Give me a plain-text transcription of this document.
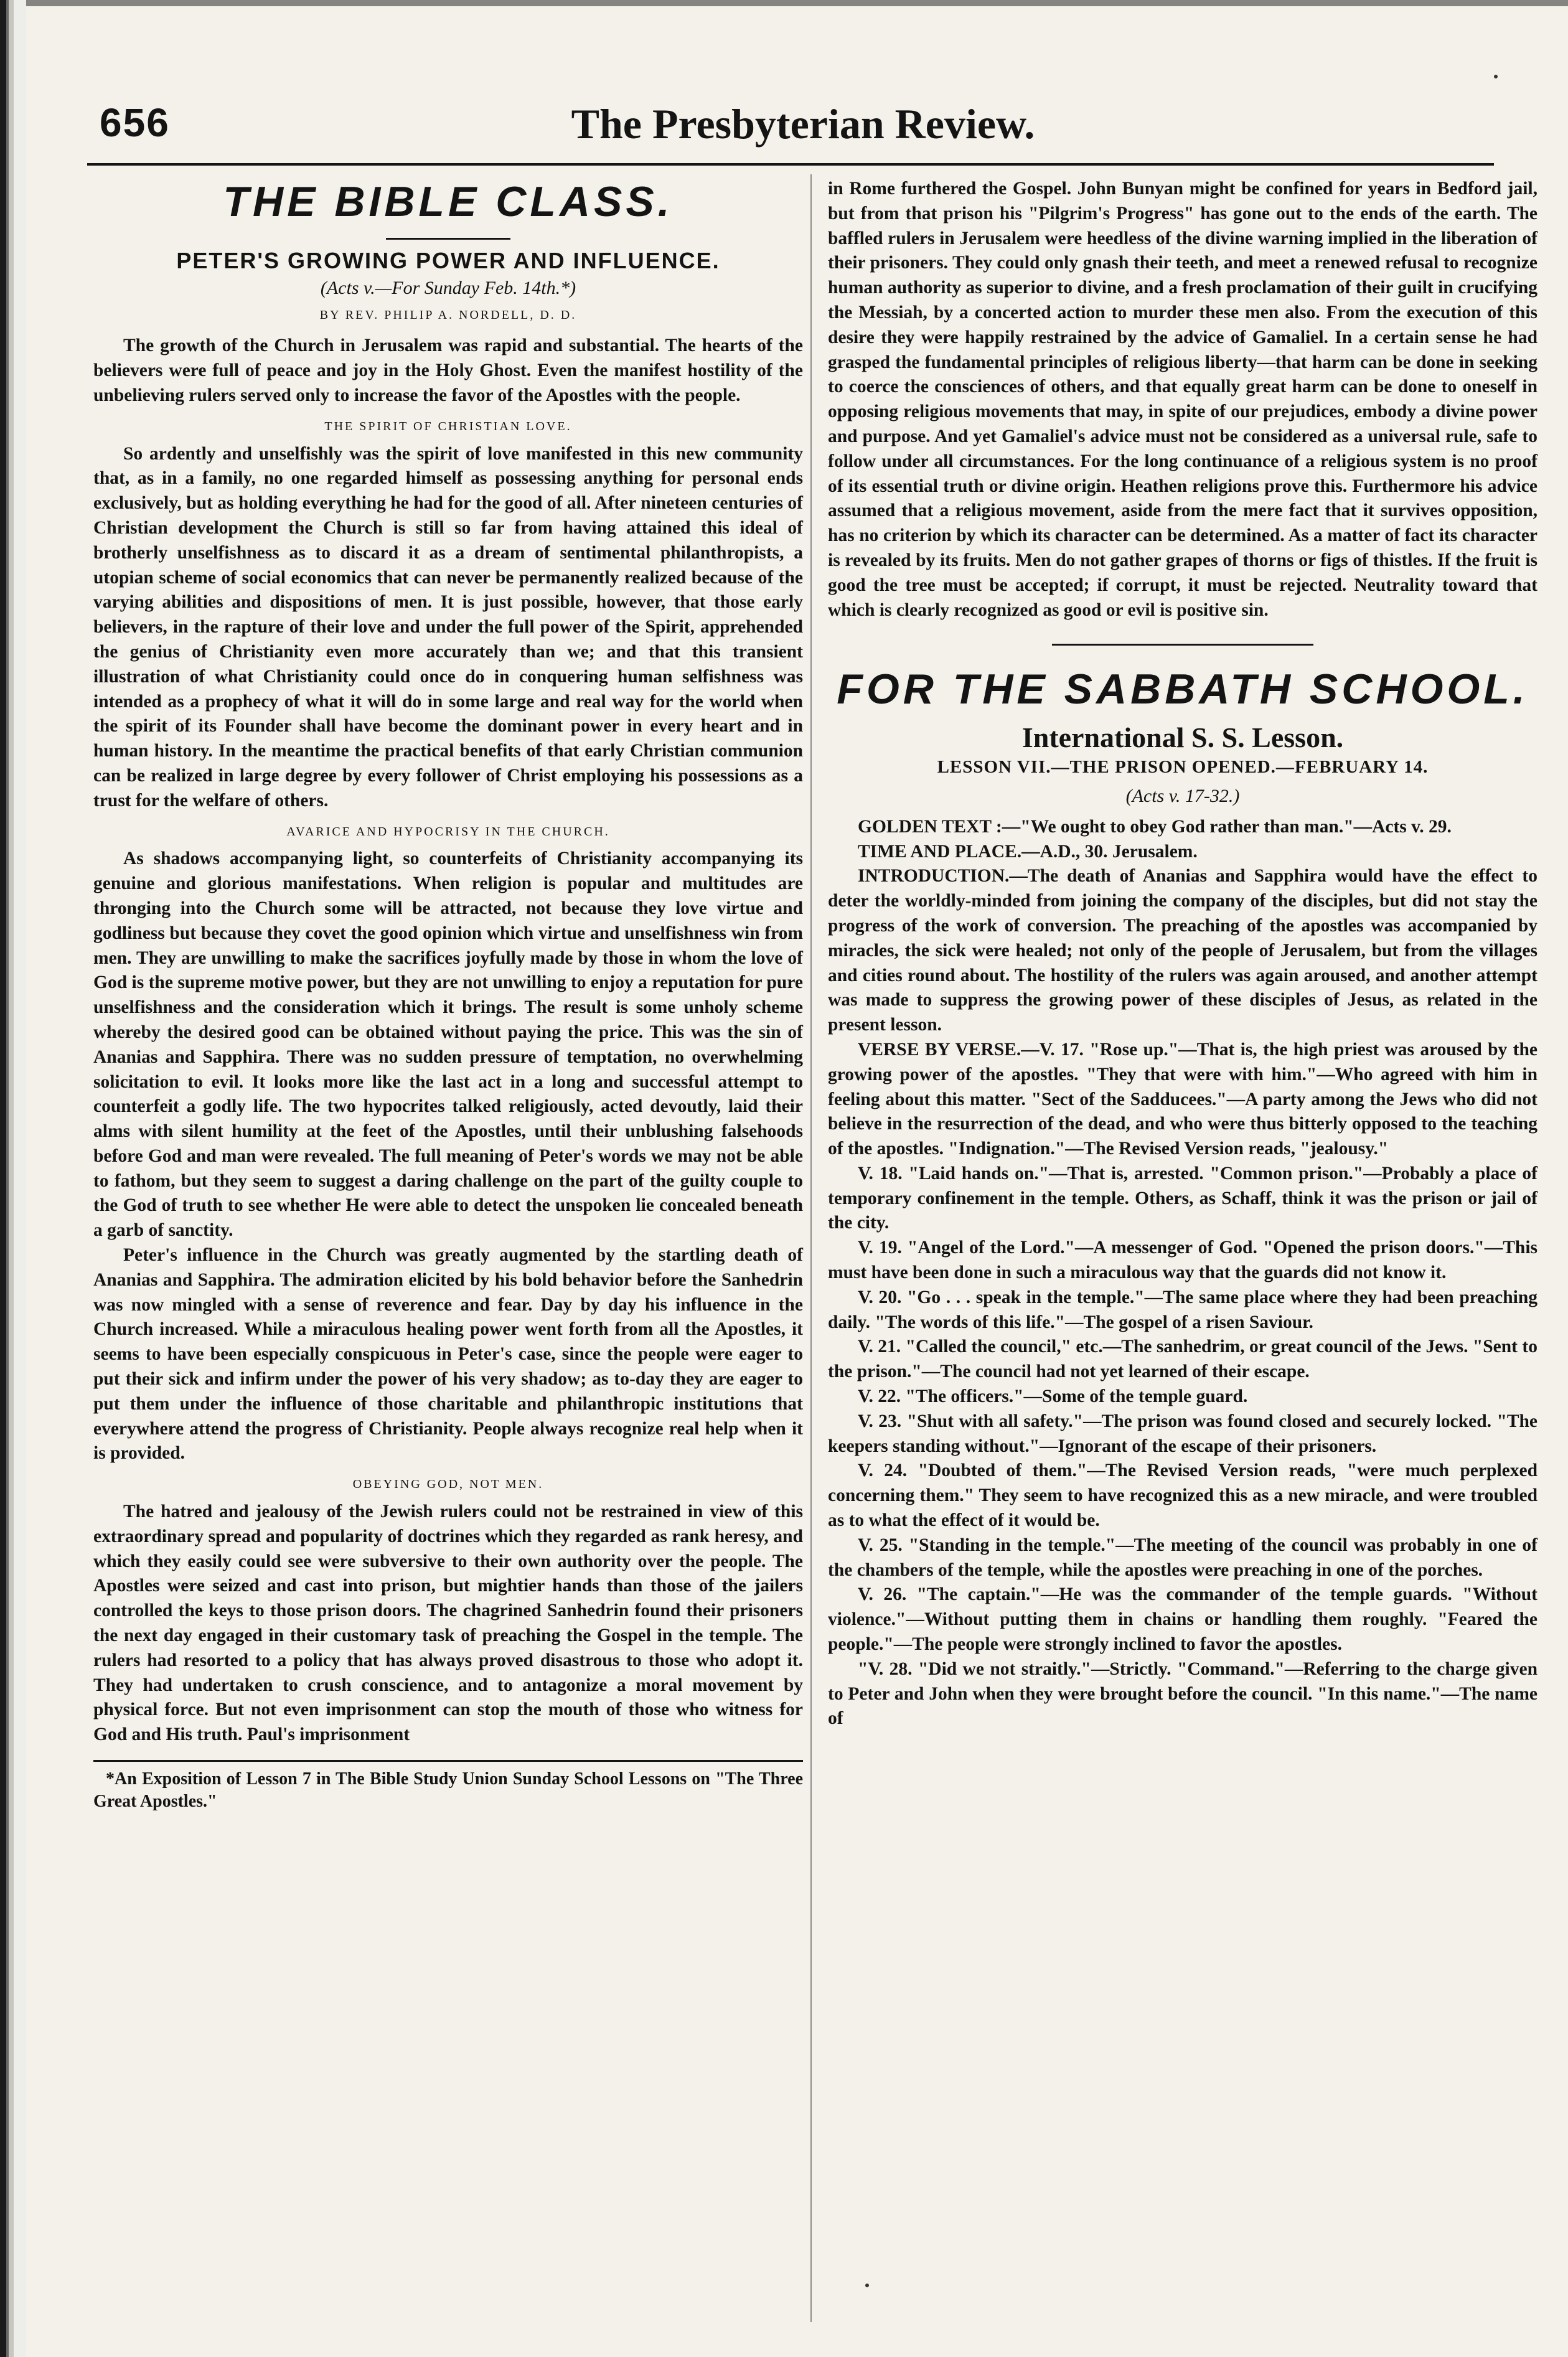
656	The Presbyterian Review.
THE BIBLE CLASS.
PETER'S GROWING POWER AND INFLUENCE.
(Acts v.—For Sunday Feb. 14th.*)
BY REV. PHILIP A. NORDELL, D. D.

The growth of the Church in Jerusalem was rapid and substantial. The hearts of the believers were full of peace and joy in the Holy Ghost. Even the manifest hostility of the unbelieving rulers served only to increase the favor of the Apostles with the people.

THE SPIRIT OF CHRISTIAN LOVE.

So ardently and unselfishly was the spirit of love manifested in this new community that, as in a family, no one regarded himself as possessing anything for personal ends exclusively, but as holding everything he had for the good of all. After nineteen centuries of Christian development the Church is still so far from having attained this ideal of brotherly unselfishness as to discard it as a dream of sentimental philanthropists, a utopian scheme of social economics that can never be permanently realized because of the varying abilities and dispositions of men. It is just possible, however, that those early believers, in the rapture of their love and under the full power of the Spirit, apprehended the genius of Christianity even more accurately than we; and that this transient illustration of what Christianity could once do in conquering human selfishness was intended as a prophecy of what it will do in some large and real way for the world when the spirit of its Founder shall have become the dominant power in every heart and in human history. In the meantime the practical benefits of that early Christian communion can be realized in large degree by every follower of Christ employing his possessions as a trust for the welfare of others.

AVARICE AND HYPOCRISY IN THE CHURCH.

As shadows accompanying light, so counterfeits of Christianity accompanying its genuine and glorious manifestations. When religion is popular and multitudes are thronging into the Church some will be attracted, not because they love virtue and godliness but because they covet the good opinion which virtue and unselfishness win from men. They are unwilling to make the sacrifices joyfully made by those in whom the love of God is the supreme motive power, but they are not unwilling to enjoy a reputation for pure unselfishness and the consideration which it brings. The result is some unholy scheme whereby the desired good can be obtained without paying the price. This was the sin of Ananias and Sapphira. There was no sudden pressure of temptation, no overwhelming solicitation to evil. It looks more like the last act in a long and successful attempt to counterfeit a godly life. The two hypocrites talked religiously, acted devoutly, laid their alms with silent humility at the feet of the Apostles, until their unblushing falsehoods before God and man were revealed. The full meaning of Peter's words we may not be able to fathom, but they seem to suggest a daring challenge on the part of the guilty couple to the God of truth to see whether He were able to detect the unspoken lie concealed beneath a garb of sanctity.

Peter's influence in the Church was greatly augmented by the startling death of Ananias and Sapphira. The admiration elicited by his bold behavior before the Sanhedrin was now mingled with a sense of reverence and fear. Day by day his influence in the Church increased. While a miraculous healing power went forth from all the Apostles, it seems to have been especially conspicuous in Peter's case, since the people were eager to put their sick and infirm under the power of his very shadow; as to-day they are eager to put them under the influence of those charitable and philanthropic institutions that everywhere attend the progress of Christianity. People always recognize real help when it is provided.

OBEYING GOD, NOT MEN.

The hatred and jealousy of the Jewish rulers could not be restrained in view of this extraordinary spread and popularity of doctrines which they regarded as rank heresy, and which they easily could see were subversive to their own authority over the people. The Apostles were seized and cast into prison, but mightier hands than those of the jailers controlled the keys to those prison doors. The chagrined Sanhedrin found their prisoners the next day engaged in their customary task of preaching the Gospel in the temple. The rulers had resorted to a policy that has always proved disastrous to those who adopt it. They had undertaken to crush conscience, and to antagonize a moral movement by physical force. But not even imprisonment can stop the mouth of those who witness for God and His truth. Paul's imprisonment

*An Exposition of Lesson 7 in The Bible Study Union Sunday School Lessons on "The Three Great Apostles."

in Rome furthered the Gospel. John Bunyan might be confined for years in Bedford jail, but from that prison his "Pilgrim's Progress" has gone out to the ends of the earth. The baffled rulers in Jerusalem were heedless of the divine warning implied in the liberation of their prisoners. They could only gnash their teeth, and meet a renewed refusal to recognize human authority as superior to divine, and a fresh proclamation of their guilt in crucifying the Messiah, by a concerted action to murder these men also. From the execution of this desire they were happily restrained by the advice of Gamaliel. In a certain sense he had grasped the fundamental principles of religious liberty—that harm can be done in seeking to coerce the consciences of others, and that equally great harm can be done to oneself in opposing religious movements that may, in spite of our prejudices, embody a divine power and purpose. And yet Gamaliel's advice must not be considered as a universal rule, safe to follow under all circumstances. For the long continuance of a religious system is no proof of its essential truth or divine origin. Heathen religions prove this. Furthermore his advice assumed that a religious movement, aside from the mere fact that it survives opposition, has no criterion by which its character can be determined. As a matter of fact its character is revealed by its fruits. Men do not gather grapes of thorns or figs of thistles. If the fruit is good the tree must be accepted; if corrupt, it must be rejected. Neutrality toward that which is clearly recognized as good or evil is positive sin.

FOR THE SABBATH SCHOOL.
International S. S. Lesson.
LESSON VII.—THE PRISON OPENED.—FEBRUARY 14.
(Acts v. 17-32.)

GOLDEN TEXT :—"We ought to obey God rather than man."—Acts v. 29.

TIME AND PLACE.—A.D., 30. Jerusalem.

INTRODUCTION.—The death of Ananias and Sapphira would have the effect to deter the worldly-minded from joining the company of the disciples, but did not stay the progress of the work of conversion. The preaching of the apostles was accompanied by miracles, the sick were healed; not only of the people of Jerusalem, but from the villages and cities round about. The hostility of the rulers was again aroused, and another attempt was made to suppress the growing power of these disciples of Jesus, as related in the present lesson.

VERSE BY VERSE.—V. 17. "Rose up."—That is, the high priest was aroused by the growing power of the apostles. "They that were with him."—Who agreed with him in feeling about this matter. "Sect of the Sadducees."—A party among the Jews who did not believe in the resurrection of the dead, and who were thus bitterly opposed to the teaching of the apostles. "Indignation."—The Revised Version reads, "jealousy."

V. 18. "Laid hands on."—That is, arrested. "Common prison."—Probably a place of temporary confinement in the temple. Others, as Schaff, think it was the prison or jail of the city.

V. 19. "Angel of the Lord."—A messenger of God. "Opened the prison doors."—This must have been done in such a miraculous way that the guards did not know it.

V. 20. "Go . . . speak in the temple."—The same place where they had been preaching daily. "The words of this life."—The gospel of a risen Saviour.

V. 21. "Called the council," etc.—The sanhedrim, or great council of the Jews. "Sent to the prison."—The council had not yet learned of their escape.

V. 22. "The officers."—Some of the temple guard.

V. 23. "Shut with all safety."—The prison was found closed and securely locked. "The keepers standing without."—Ignorant of the escape of their prisoners.

V. 24. "Doubted of them."—The Revised Version reads, "were much perplexed concerning them." They seem to have recognized this as a new miracle, and were troubled as to what the effect of it would be.

V. 25. "Standing in the temple."—The meeting of the council was probably in one of the chambers of the temple, while the apostles were preaching in one of the porches.

V. 26. "The captain."—He was the commander of the temple guards. "Without violence."—Without putting them in chains or handling them roughly. "Feared the people."—The people were strongly inclined to favor the apostles.

"V. 28. "Did we not straitly."—Strictly. "Command."—Referring to the charge given to Peter and John when they were brought before the council. "In this name."—The name of
